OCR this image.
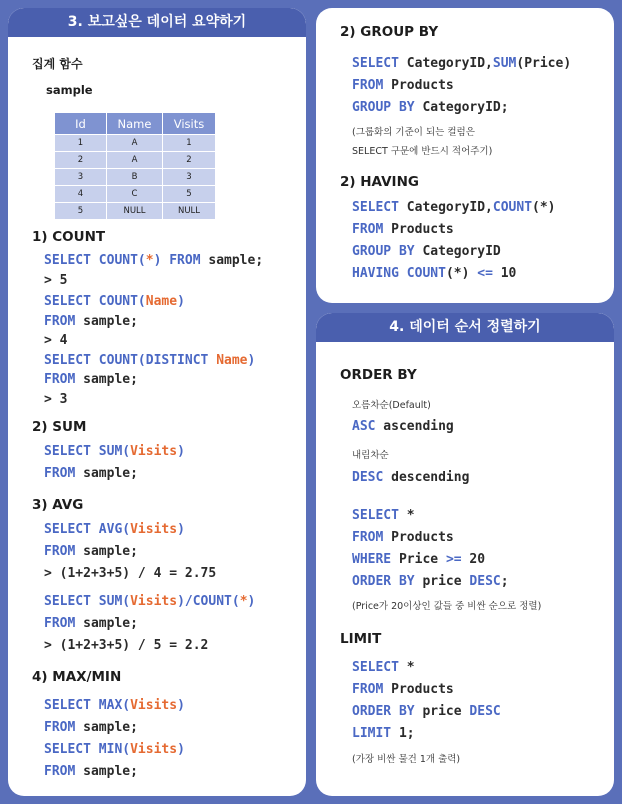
3. 보고싶은 데이터 요약하기
집계 함수
sample
Id	Name	Visits
1	A	1
2	A	2
3	B	3
4	C	5
5	NULL	NULL
1) COUNT
SELECT COUNT(*) FROM sample;
> 5
SELECT COUNT(Name)
FROM sample;
> 4
SELECT COUNT(DISTINCT Name)
FROM sample;
> 3
2) SUM
SELECT SUM(Visits)
FROM sample;
3) AVG
SELECT AVG(Visits)
FROM sample;
> (1+2+3+5) / 4 = 2.75
SELECT SUM(Visits)/COUNT(*)
FROM sample;
> (1+2+3+5) / 5 = 2.2
4) MAX/MIN
SELECT MAX(Visits)
FROM sample;
SELECT MIN(Visits)
FROM sample;
2) GROUP BY
SELECT CategoryID,SUM(Price)
FROM Products
GROUP BY CategoryID;
(그룹화의 기준이 되는 컬럼은
SELECT 구문에 반드시 적어주기)
2) HAVING
SELECT CategoryID,COUNT(*)
FROM Products
GROUP BY CategoryID
HAVING COUNT(*) <= 10
4. 데이터 순서 정렬하기
ORDER BY
오름차순(Default)
ASC ascending
내림차순
DESC descending
SELECT *
FROM Products
WHERE Price >= 20
ORDER BY price DESC;
(Price가 20이상인 값들 중 비싼 순으로 정렬)
LIMIT
SELECT *
FROM Products
ORDER BY price DESC
LIMIT 1;
(가장 비싼 물건 1개 출력)
